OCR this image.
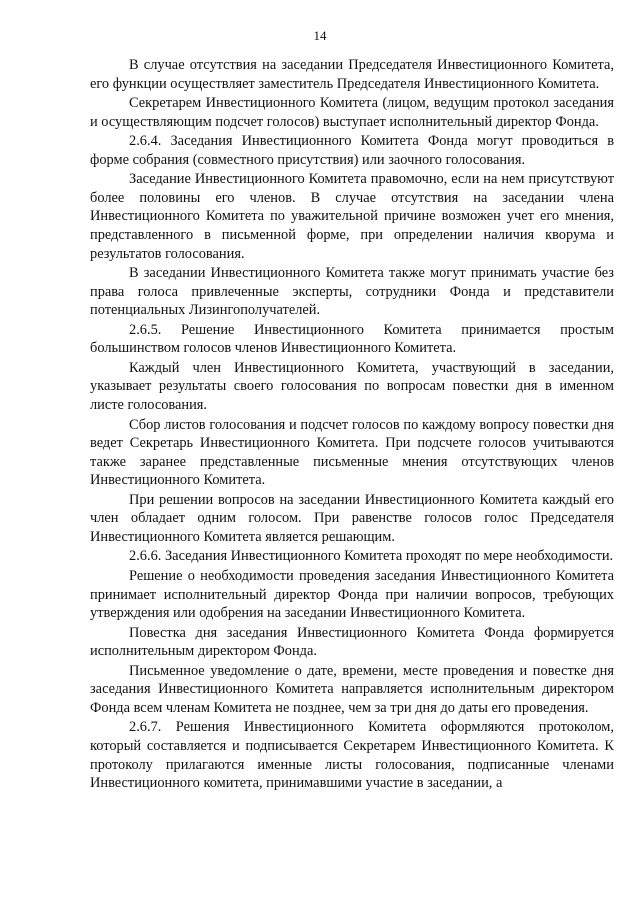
14

В случае отсутствия на заседании Председателя Инвестиционного Комитета, его функции осуществляет заместитель Председателя Инвестиционного Комитета.

Секретарем Инвестиционного Комитета (лицом, ведущим протокол заседания и осуществляющим подсчет голосов) выступает исполнительный директор Фонда.

2.6.4. Заседания Инвестиционного Комитета Фонда могут проводиться в форме собрания (совместного присутствия) или заочного голосования.

Заседание Инвестиционного Комитета правомочно, если на нем присутствуют более половины его членов. В случае отсутствия на заседании члена Инвестиционного Комитета по уважительной причине возможен учет его мнения, представленного в письменной форме, при определении наличия кворума и результатов голосования.

В заседании Инвестиционного Комитета также могут принимать участие без права голоса привлеченные эксперты, сотрудники Фонда и представители потенциальных Лизингополучателей.

2.6.5. Решение Инвестиционного Комитета принимается простым большинством голосов членов Инвестиционного Комитета.

Каждый член Инвестиционного Комитета, участвующий в заседании, указывает результаты своего голосования по вопросам повестки дня в именном листе голосования.

Сбор листов голосования и подсчет голосов по каждому вопросу повестки дня ведет Секретарь Инвестиционного Комитета. При подсчете голосов учитываются также заранее представленные письменные мнения отсутствующих членов Инвестиционного Комитета.

При решении вопросов на заседании Инвестиционного Комитета каждый его член обладает одним голосом. При равенстве голосов голос Председателя Инвестиционного Комитета является решающим.

2.6.6. Заседания Инвестиционного Комитета проходят по мере необходимости.

Решение о необходимости проведения заседания Инвестиционного Комитета принимает исполнительный директор Фонда при наличии вопросов, требующих утверждения или одобрения на заседании Инвестиционного Комитета.

Повестка дня заседания Инвестиционного Комитета Фонда формируется исполнительным директором Фонда.

Письменное уведомление о дате, времени, месте проведения и повестке дня заседания Инвестиционного Комитета направляется исполнительным директором Фонда всем членам Комитета не позднее, чем за три дня до даты его проведения.

2.6.7. Решения Инвестиционного Комитета оформляются протоколом, который составляется и подписывается Секретарем Инвестиционного Комитета. К протоколу прилагаются именные листы голосования, подписанные членами Инвестиционного комитета, принимавшими участие в заседании, а
